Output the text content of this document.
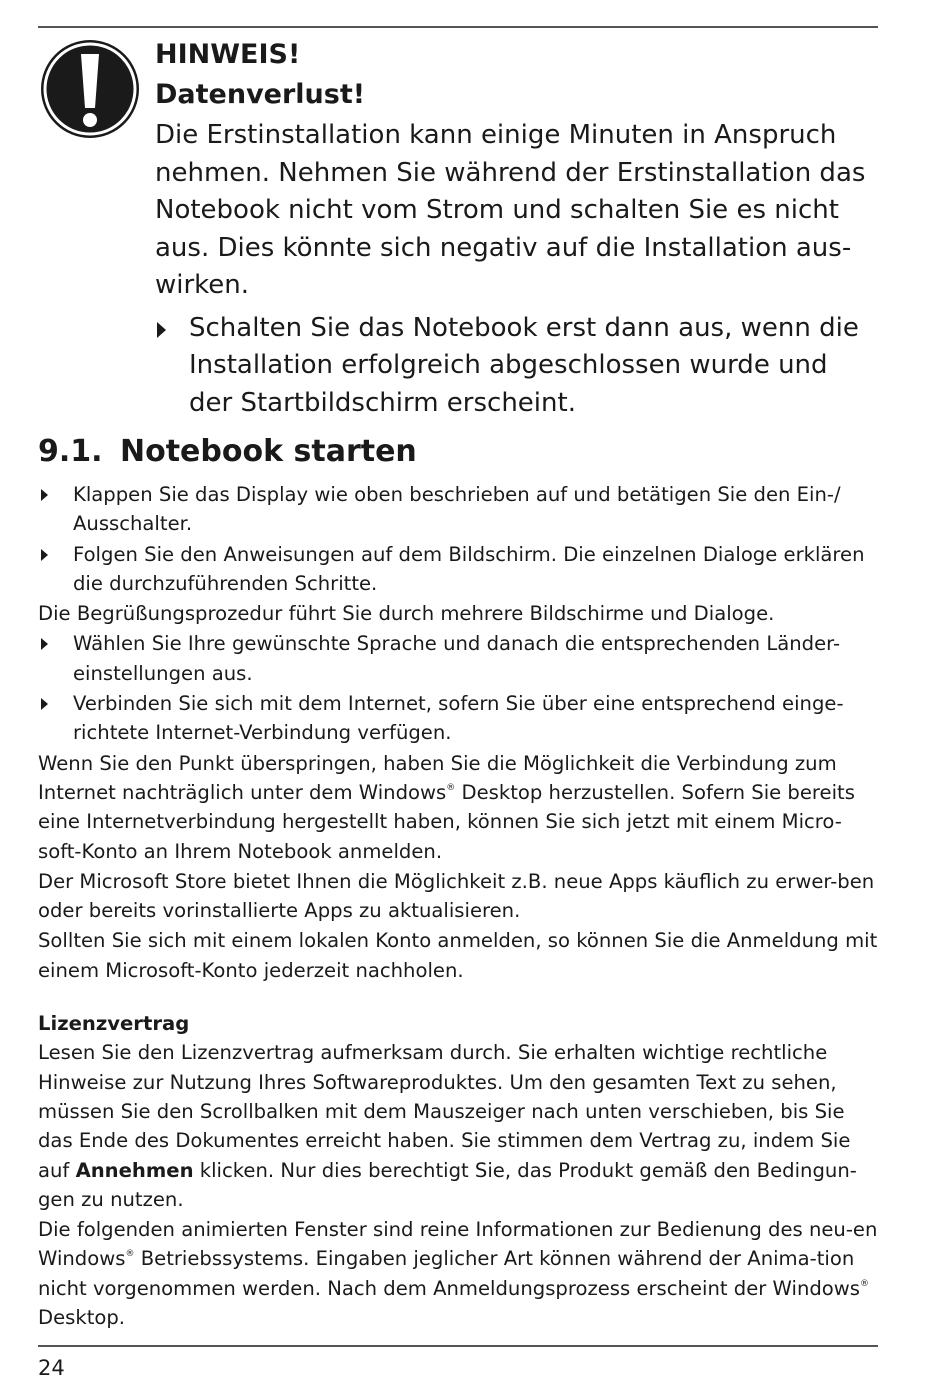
HINWEIS!
Datenverlust!

Die Erstinstallation kann einige Minuten in Anspruch nehmen. Nehmen Sie während der Erstinstallation das Notebook nicht vom Strom und schalten Sie es nicht aus. Dies könnte sich negativ auf die Installation aus-wirken.

Schalten Sie das Notebook erst dann aus, wenn die Installation erfolgreich abgeschlossen wurde und der Startbildschirm erscheint.
9.1. Notebook starten
Klappen Sie das Display wie oben beschrieben auf und betätigen Sie den Ein-/ Ausschalter.
Folgen Sie den Anweisungen auf dem Bildschirm. Die einzelnen Dialoge erklären die durchzuführenden Schritte.

Die Begrüßungsprozedur führt Sie durch mehrere Bildschirme und Dialoge.

Wählen Sie Ihre gewünschte Sprache und danach die entsprechenden Länder-einstellungen aus.
Verbinden Sie sich mit dem Internet, sofern Sie über eine entsprechend einge-richtete Internet-Verbindung verfügen.

Wenn Sie den Punkt überspringen, haben Sie die Möglichkeit die Verbindung zum Internet nachträglich unter dem Windows® Desktop herzustellen. Sofern Sie bereits eine Internetverbindung hergestellt haben, können Sie sich jetzt mit einem Micro-soft-Konto an Ihrem Notebook anmelden.

Der Microsoft Store bietet Ihnen die Möglichkeit z.B. neue Apps käuflich zu erwer-ben oder bereits vorinstallierte Apps zu aktualisieren.

Sollten Sie sich mit einem lokalen Konto anmelden, so können Sie die Anmeldung mit einem Microsoft-Konto jederzeit nachholen.

Lizenzvertrag

Lesen Sie den Lizenzvertrag aufmerksam durch. Sie erhalten wichtige rechtliche Hinweise zur Nutzung Ihres Softwareproduktes. Um den gesamten Text zu sehen, müssen Sie den Scrollbalken mit dem Mauszeiger nach unten verschieben, bis Sie das Ende des Dokumentes erreicht haben. Sie stimmen dem Vertrag zu, indem Sie auf Annehmen klicken. Nur dies berechtigt Sie, das Produkt gemäß den Bedingun-gen zu nutzen.

Die folgenden animierten Fenster sind reine Informationen zur Bedienung des neu-en Windows® Betriebssystems. Eingaben jeglicher Art können während der Anima-tion nicht vorgenommen werden. Nach dem Anmeldungsprozess erscheint der Windows® Desktop.

24
